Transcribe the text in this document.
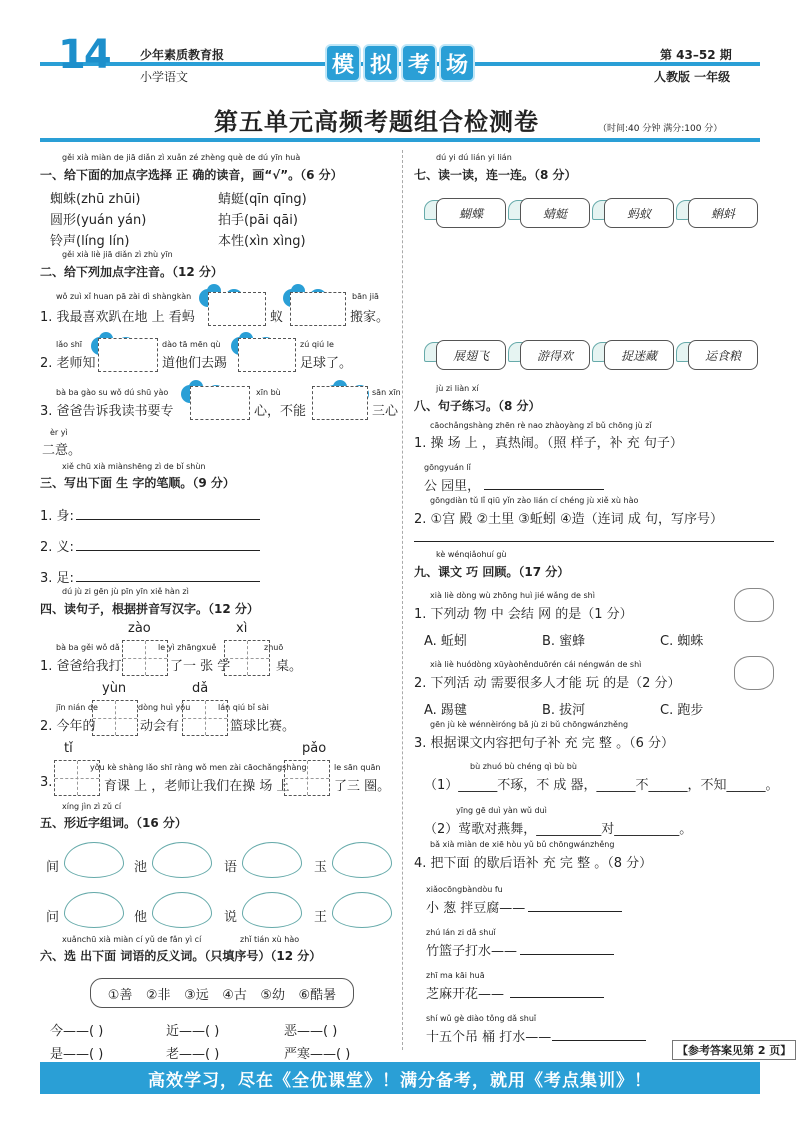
14	少年素质教育报
小学语文	模 拟 考 场	第 43–52 期
人教版 一年级
第五单元高频考题组合检测卷	（时间:40 分钟 满分:100 分）
gěi xià miàn de jiā diǎn zì xuǎn zé zhèng què de dú yīn huà
一、给下面的加点字选择 正 确的读音，画“√”。（6 分）
蜘蛛(zhū zhūi)	蜻蜓(qīn qīng)
圆形(yuán yán)	拍手(pāi qāi)
铃声(líng lín)	本性(xìn xìng)
gěi xià liè jiā diǎn zì zhù yīn
二、给下列加点字注音。（12 分）
wǒ zuì xǐ huan pā zài dì shàngkàn	bān jiā
1. 我最喜欢趴在地 上 看蚂	蚁	搬家。
lǎo shī	dào tā mēn qù	zú qiú le
2. 老师知	道他们去踢	足球了。
bà ba gào su wǒ dú shū yào	xīn bù	sān xīn
3. 爸爸告诉我读书要专	心，不能	三心
èr yì
二意。
xiě chū xià miànshēng zì de bǐ shùn
三、写出下面 生 字的笔顺。（9 分）
1. 身:
2. 义:
3. 足:
dú jù zi gēn jù pīn yīn xiě hàn zì
四、读句子，根据拼音写汉字。（12 分）
zào	xì
bà ba gěi wǒ dǎ	le yì zhāngxuě	zhuō
1. 爸爸给我打	了一 张 学	桌。
yùn	dǎ
jīn nián de	dòng huì yǒu	lán qiú bǐ sài
2. 今年的	动会有	篮球比赛。
tǐ	pǎo
yǒu kè shàng lǎo shī ràng wǒ men zài cāochǎngshàng	le sān quān
3.	育课 上 ，老师让我们在操 场 上	了三 圈。
xíng jìn zì zǔ cí
五、形近字组词。（16 分）
间	池	语	玉
问	他	说	王
xuǎnchū xià miàn cí yǔ de fǎn yì cí	zhǐ tián xù hào
六、选 出下面 词语的反义词。（只填序号）（12 分）
①善 ②非 ③远 ④古 ⑤幼 ⑥酷暑
今——( )	近——( )	恶——( )
是——( )	老——( )	严寒——( )
dú yi dú lián yi lián
七、读一读，连一连。（8 分）
蝴蝶	蜻蜓	蚂蚁	蝌蚪
展翅飞	游得欢	捉迷藏	运食粮
jù zi liàn xí
八、句子练习。（8 分）
cāochǎngshàng zhēn rè nao zhàoyàng zǐ bǔ chōng jù zǐ
1. 操 场 上 ，真热闹。（照 样子，补 充 句子）
gōngyuán lǐ
公 园里，
gōngdiàn tǔ lǐ qiū yǐn zào lián cí chéng jù xiě xù hào
2. ①宫 殿 ②土里 ③蚯蚓 ④造（连词 成 句，写序号）
kè wénqiǎohuí gù
九、课文 巧 回顾。（17 分）
xià liè dòng wù zhōng huì jié wǎng de shì
1. 下列动 物 中 会结 网 的是（1 分）
A. 蚯蚓	B. 蜜蜂	C. 蜘蛛
xià liè huódòng xūyàohěnduōrén cái néngwán de shì
2. 下列活 动 需要很多人才能 玩 的是（2 分）
A. 踢毽	B. 拔河	C. 跑步
gēn jù kè wénnèiróng bǎ jù zi bǔ chōngwánzhěng
3. 根据课文内容把句子补 充 完 整 。（6 分）
bù zhuó bù chéng qì bù bù
（1）______不琢，不 成 器，______不______，不知______。
yīng gē duì yàn wǔ duì
（2）莺歌对燕舞，__________对__________。
bǎ xià miàn de xiē hòu yǔ bǔ chōngwánzhěng
4. 把下面 的歇后语补 充 完 整 。（8 分）
xiǎocōngbàndòu fu
小 葱 拌豆腐——
zhú lán zi dǎ shuǐ
竹篮子打水——
zhī ma kāi huā
芝麻开花——
shí wǔ gè diào tǒng dǎ shuǐ
十五个吊 桶 打水——
【参考答案见第 2 页】
高效学习，尽在《全优课堂》！满分备考，就用《考点集训》！
